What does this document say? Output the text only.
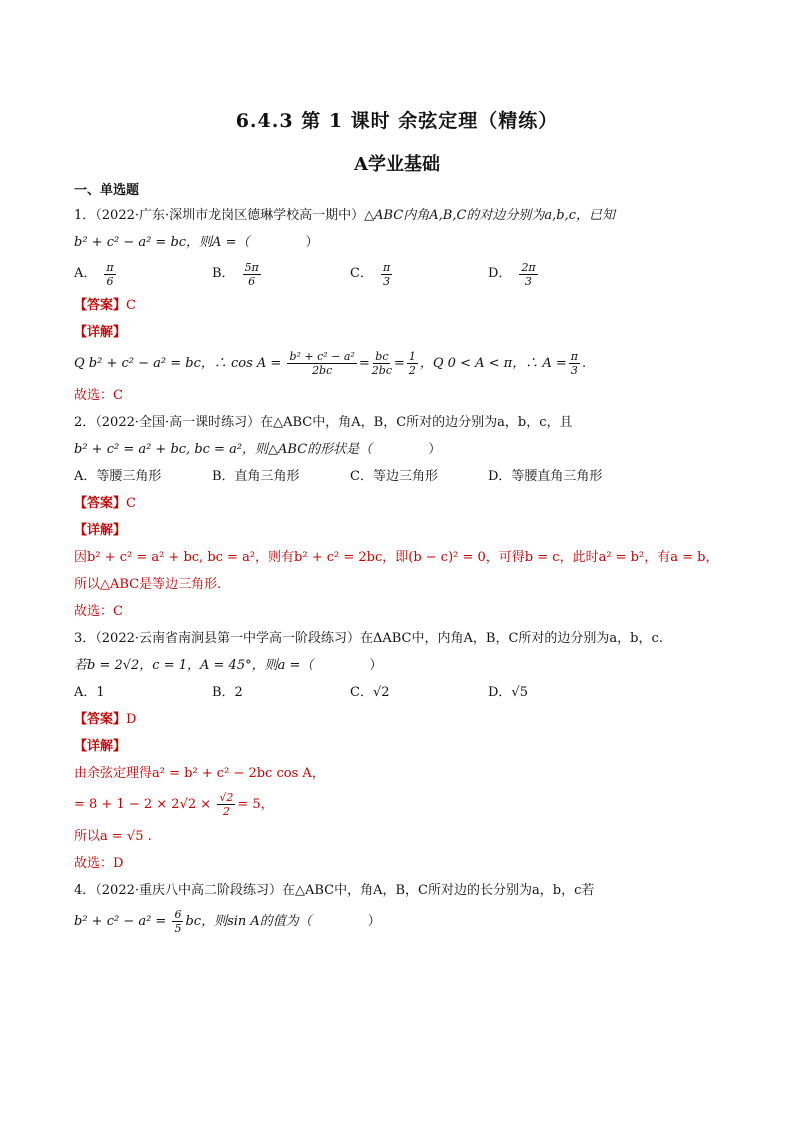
6.4.3 第 1 课时 余弦定理（精练）
A学业基础
一、单选题
1．（2022·广东·深圳市龙岗区德琳学校高一期中）△ABC内角A,B,C的对边分别为a,b,c，已知
b² + c² − a² = bc，则A =（	）
A． $\frac{\pi}{6}$	B． $\frac{5\pi}{6}$	C． $\frac{\pi}{3}$	D． $\frac{2\pi}{3}$
【答案】C
【详解】
Q b² + c² − a² = bc，∴ $\cos A = \frac{\text{b² + c² − a²}}{2bc} = \frac{bc}{2bc} = \frac{1}{2}$ ，Q 0 < A < π，∴ $A = \frac{\pi}{3}$ .
故选：C
2．（2022·全国·高一课时练习）在△ABC中，角A，B，C所对的边分别为a，b，c，且
b² + c² = a² + bc, bc = a²，则△ABC的形状是（	）
A．等腰三角形	B．直角三角形	C．等边三角形	D．等腰直角三角形
【答案】C
【详解】
因b² + c² = a² + bc, bc = a²，则有b² + c² = 2bc，即(b − c)² = 0，可得b = c，此时a² = b²，有a = b，
所以△ABC是等边三角形.
故选：C
3．（2022·云南省南涧县第一中学高一阶段练习）在ΔABC中，内角A，B，C所对的边分别为a，b，c.
若b = 2√2，c = 1，A = 45°，则a =（	）
A．1	B．2	C．√2	D．√5
【答案】D
【详解】
由余弦定理得a² = b² + c² − 2bc cos A，
= $8 + 1 - 2 \times 2√2 \times \frac{√2}{2} = 5$，
所以a = √5 .
故选：D
4．（2022·重庆八中高二阶段练习）在△ABC中，角A，B，C所对边的长分别为a，b，c若
$b^2 + c^2 - a^2 = \frac{6}{5}$ bc，则sin A的值为（	）
